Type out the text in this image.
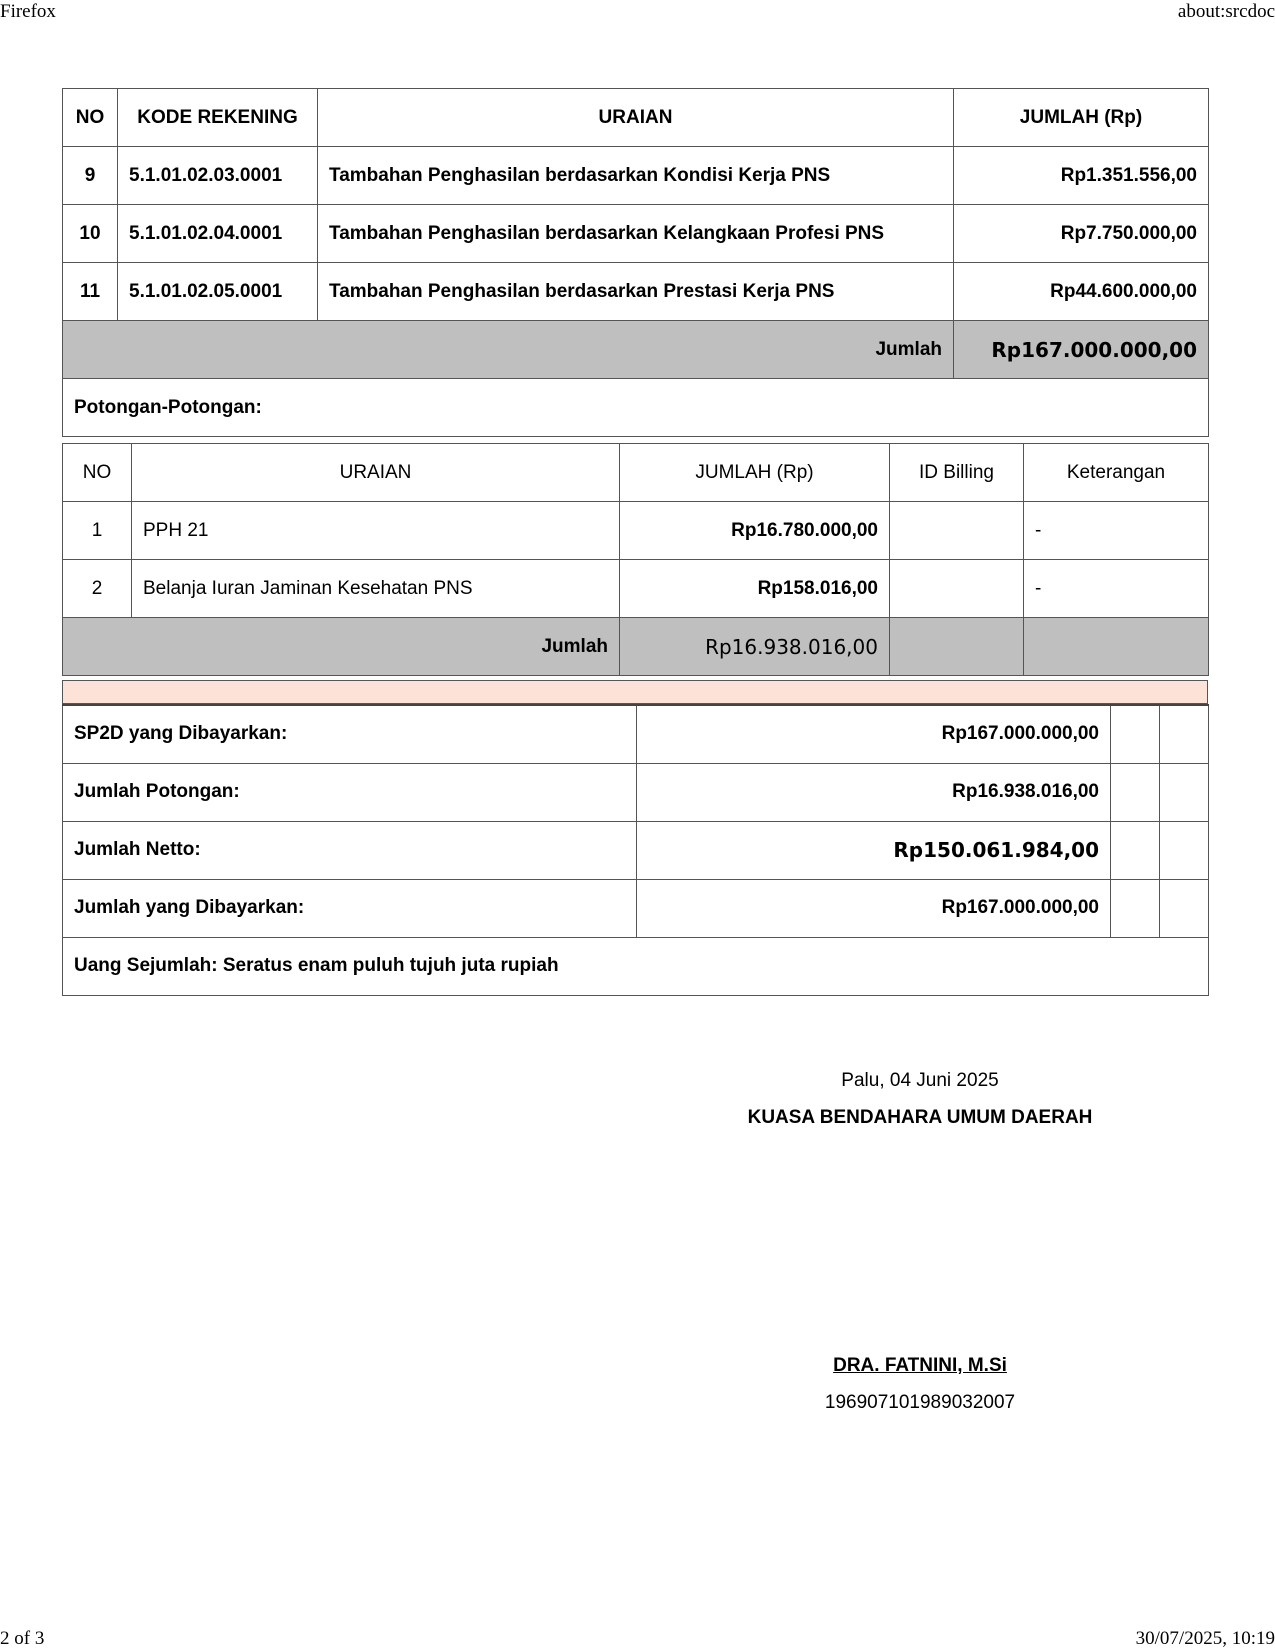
Firefox	about:srcdoc
NO	KODE REKENING	URAIAN	JUMLAH (Rp)
9	5.1.01.02.03.0001	Tambahan Penghasilan berdasarkan Kondisi Kerja PNS	Rp1.351.556,00
10	5.1.01.02.04.0001	Tambahan Penghasilan berdasarkan Kelangkaan Profesi PNS	Rp7.750.000,00
11	5.1.01.02.05.0001	Tambahan Penghasilan berdasarkan Prestasi Kerja PNS	Rp44.600.000,00
Jumlah			Rp167.000.000,00
Potongan-Potongan:			
NO	URAIAN	JUMLAH (Rp)	ID Billing	Keterangan
1	PPH 21	Rp16.780.000,00		-
2	Belanja Iuran Jaminan Kesehatan PNS	Rp158.016,00		-
Jumlah		Rp16.938.016,00		
SP2D yang Dibayarkan:	Rp167.000.000,00		
Jumlah Potongan:	Rp16.938.016,00		
Jumlah Netto:	Rp150.061.984,00		
Jumlah yang Dibayarkan:	Rp167.000.000,00		
Uang Sejumlah: Seratus enam puluh tujuh juta rupiah			
Palu, 04 Juni 2025
KUASA BENDAHARA UMUM DAERAH
DRA. FATNINI, M.Si
196907101989032007
2 of 3	30/07/2025, 10:19
